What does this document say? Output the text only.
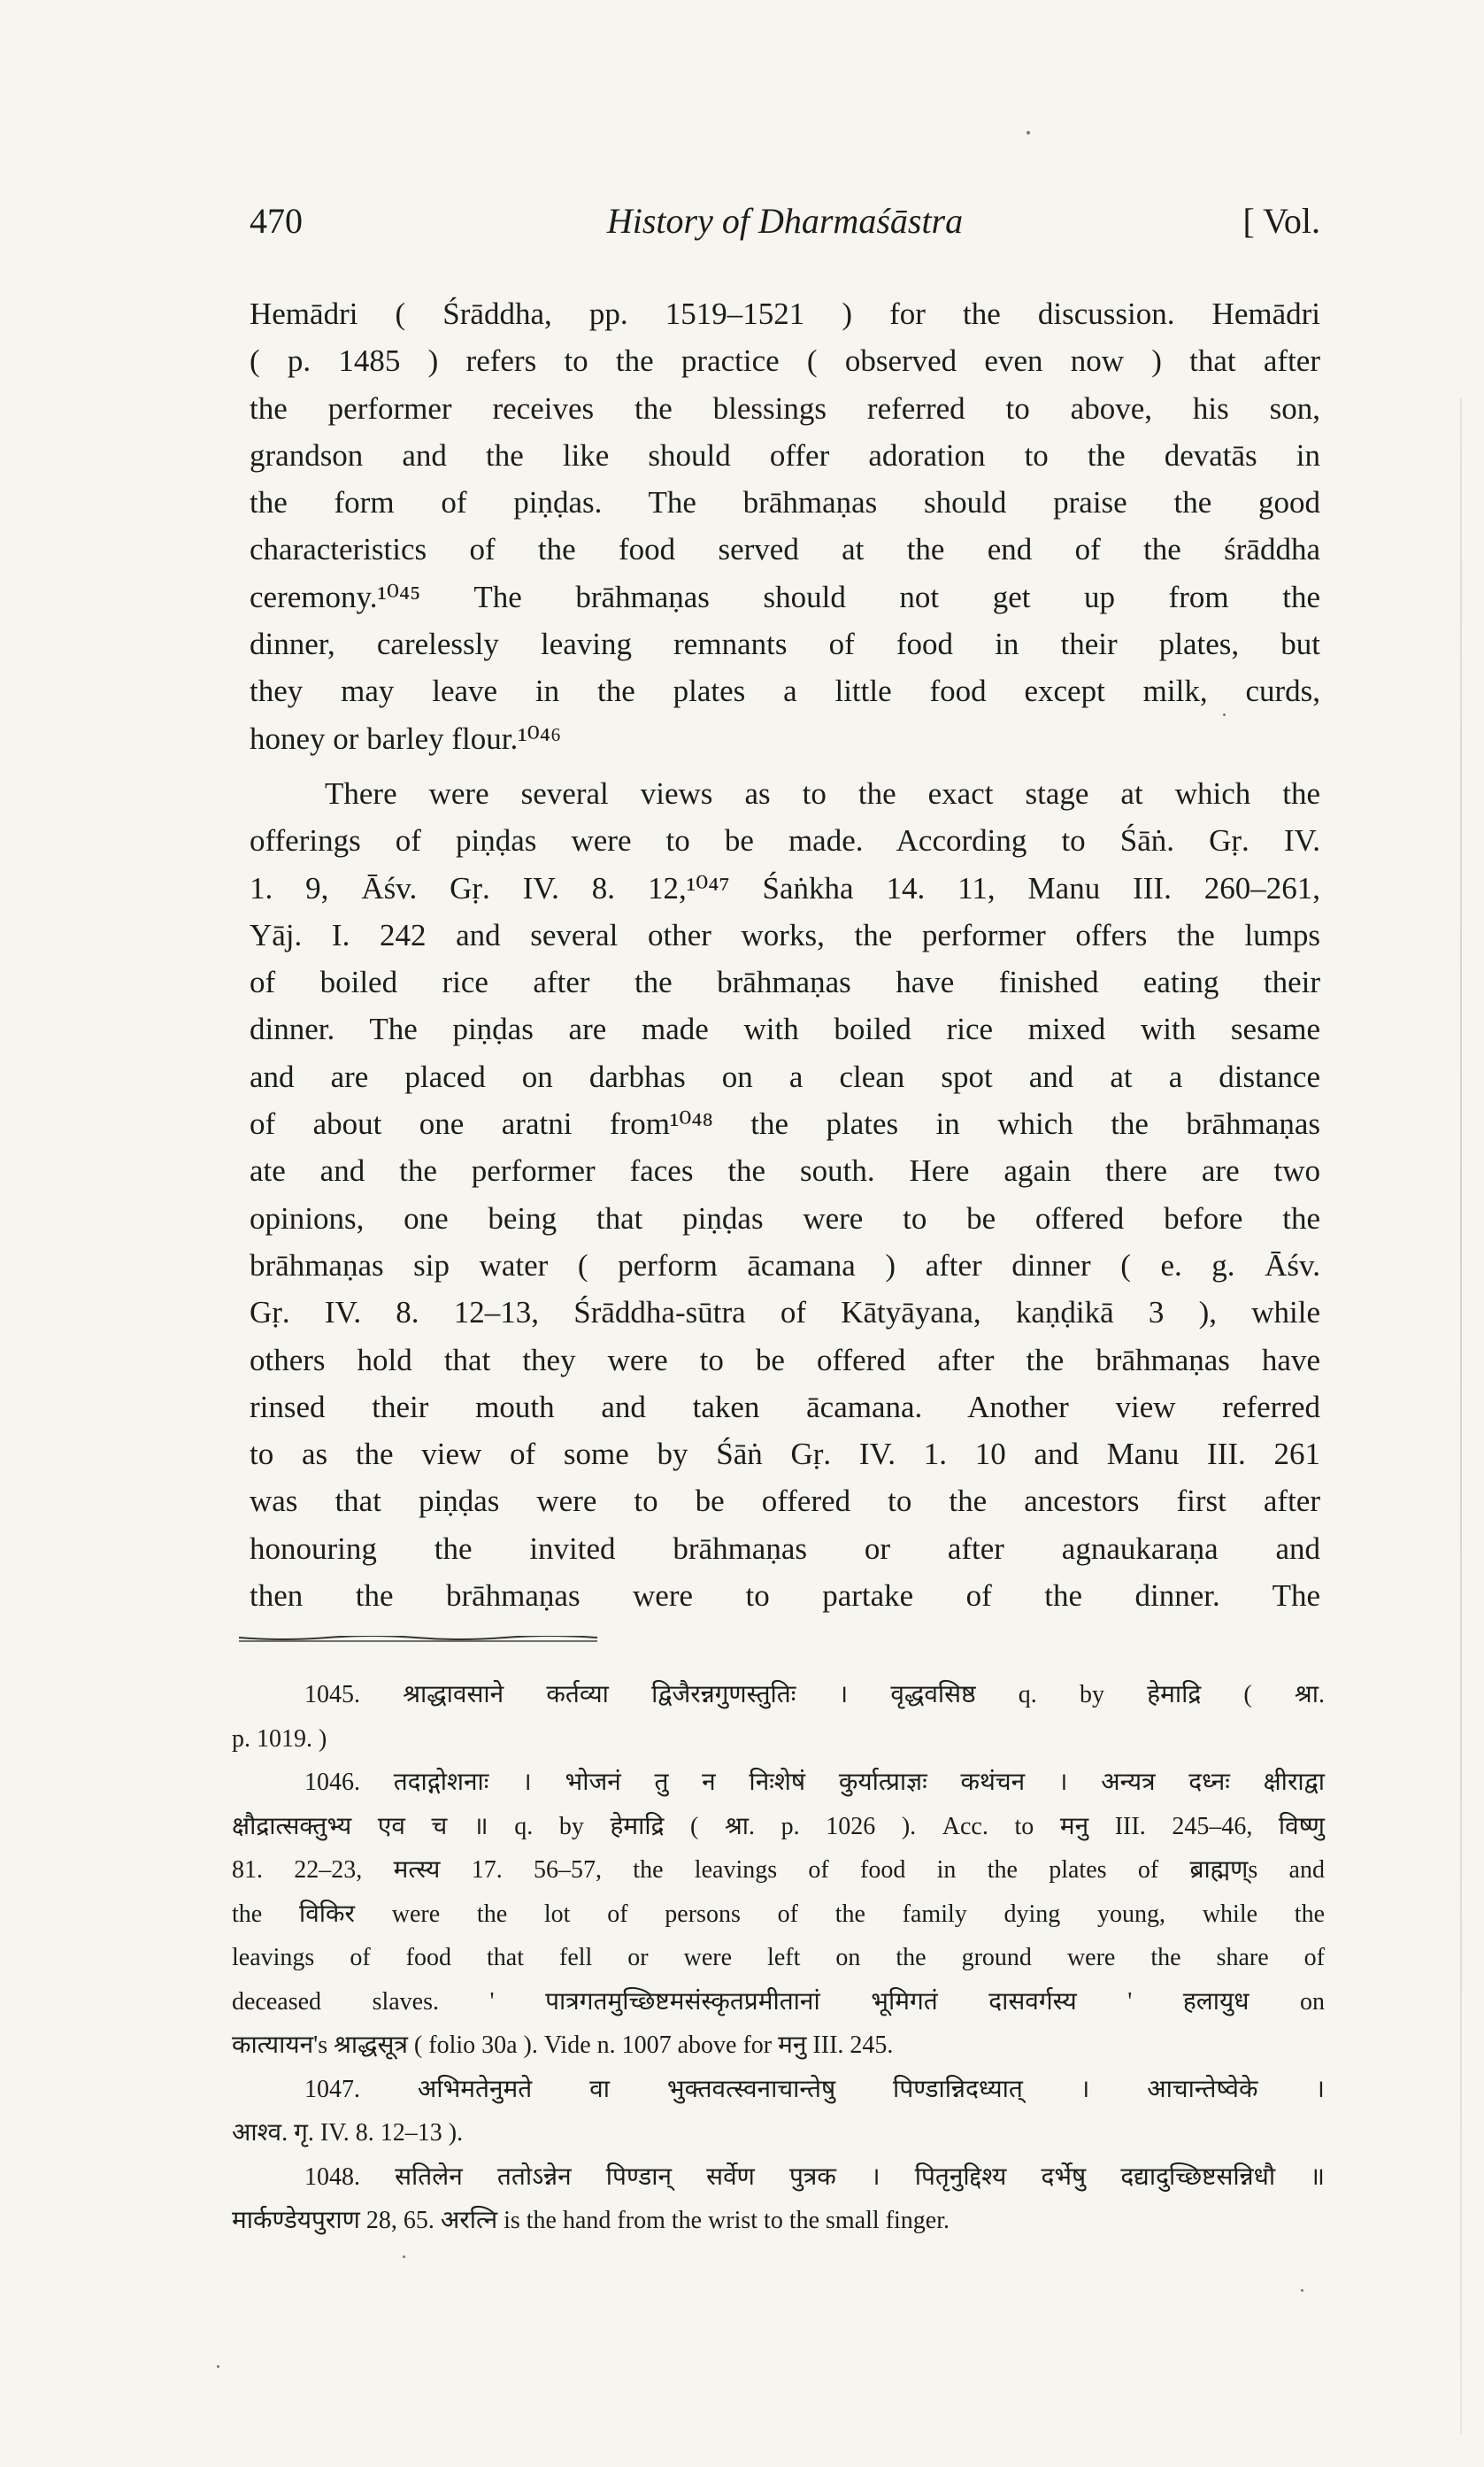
470	History of Dharmaśāstra	[ Vol.

Hemādri ( Śrāddha, pp. 1519–1521 ) for the discussion. Hemādri
( p. 1485 ) refers to the practice ( observed even now ) that after
the performer receives the blessings referred to above, his son,
grandson and the like should offer adoration to the devatās in
the form of piṇḍas. The brāhmaṇas should praise the good
characteristics of the food served at the end of the śrāddha
ceremony.¹⁰⁴⁵ The brāhmaṇas should not get up from the
dinner, carelessly leaving remnants of food in their plates, but
they may leave in the plates a little food except milk, curds,
honey or barley flour.¹⁰⁴⁶

There were several views as to the exact stage at which the
offerings of piṇḍas were to be made. According to Śāṅ. Gṛ. IV.
1. 9, Āśv. Gṛ. IV. 8. 12,¹⁰⁴⁷ Śaṅkha 14. 11, Manu III. 260–261,
Yāj. I. 242 and several other works, the performer offers the lumps
of boiled rice after the brāhmaṇas have finished eating their
dinner. The piṇḍas are made with boiled rice mixed with sesame
and are placed on darbhas on a clean spot and at a distance
of about one aratni from¹⁰⁴⁸ the plates in which the brāhmaṇas
ate and the performer faces the south. Here again there are two
opinions, one being that piṇḍas were to be offered before the
brāhmaṇas sip water ( perform ācamana ) after dinner ( e. g. Āśv.
Gṛ. IV. 8. 12–13, Śrāddha-sūtra of Kātyāyana, kaṇḍikā 3 ), while
others hold that they were to be offered after the brāhmaṇas have
rinsed their mouth and taken ācamana. Another view referred
to as the view of some by Śāṅ Gṛ. IV. 1. 10 and Manu III. 261
was that piṇḍas were to be offered to the ancestors first after
honouring the invited brāhmaṇas or after agnaukaraṇa and
then the brāhmaṇas were to partake of the dinner. The

1045. श्राद्धावसाने कर्तव्या द्विजैरन्नगुणस्तुतिः । वृद्धवसिष्ठ q. by हेमाद्रि ( श्रा.
p. 1019. )
1046. तदाद्गोशनाः । भोजनं तु न निःशेषं कुर्यात्प्राज्ञः कथंचन । अन्यत्र दध्नः क्षीराद्वा
क्षौद्रात्सक्तुभ्य एव च ॥ q. by हेमाद्रि ( श्रा. p. 1026 ). Acc. to मनु III. 245–46, विष्णु
81. 22–23, मत्स्य 17. 56–57, the leavings of food in the plates of ब्राह्मण्s and
the विकिर were the lot of persons of the family dying young, while the
leavings of food that fell or were left on the ground were the share of
deceased slaves. ' पात्रगतमुच्छिष्टमसंस्कृतप्रमीतानां भूमिगतं दासवर्गस्य ' हलायुध on
कात्यायन's श्राद्धसूत्र ( folio 30a ). Vide n. 1007 above for मनु III. 245.
1047. अभिमतेनुमते वा भुक्तवत्स्वनाचान्तेषु पिण्डान्निदध्यात् । आचान्तेष्वेके ।
आश्व. गृ. IV. 8. 12–13 ).
1048. सतिलेन ततोऽन्नेन पिण्डान् सर्वेण पुत्रक । पितृनुद्दिश्य दर्भेषु दद्यादुच्छिष्टसन्निधौ ॥
मार्कण्डेयपुराण 28, 65. अरत्नि is the hand from the wrist to the small finger.
